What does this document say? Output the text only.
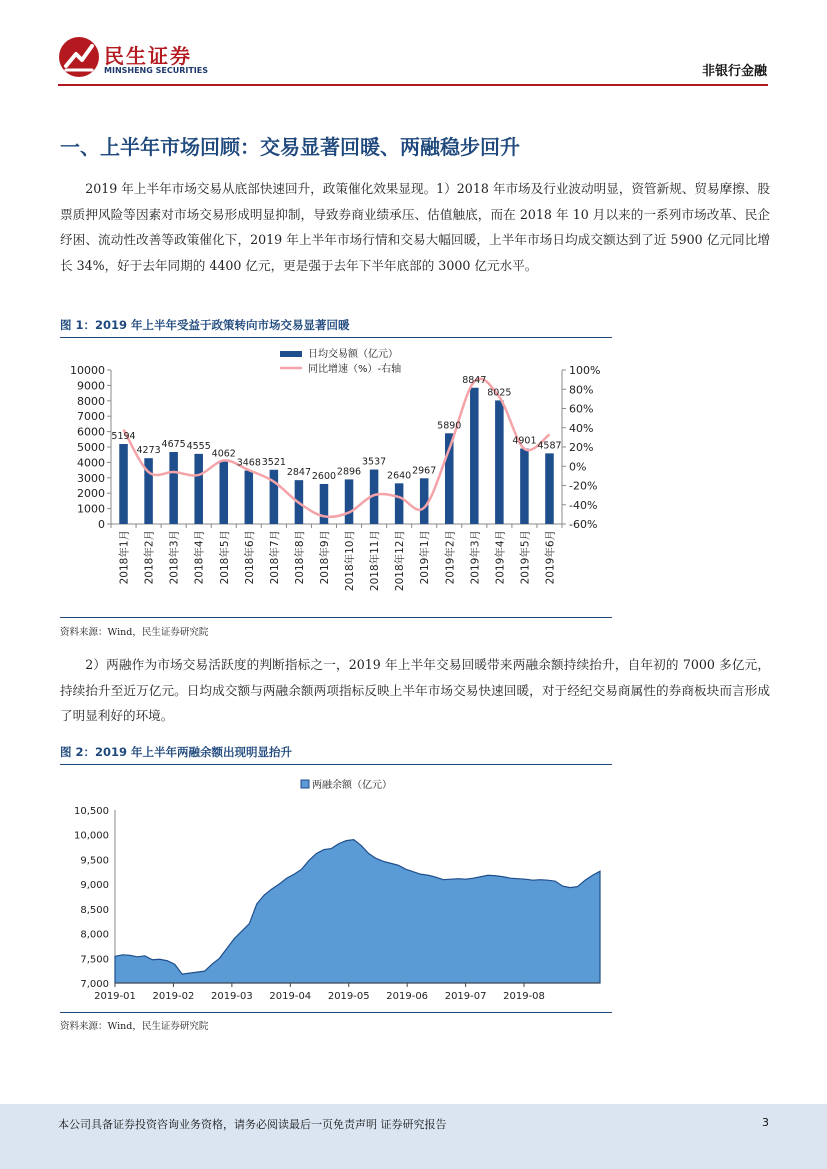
民生证券
MINSHENG SECURITIES	非银行金融
一、上半年市场回顾：交易显著回暖、两融稳步回升

2019 年上半年市场交易从底部快速回升，政策催化效果显现。1）2018 年市场及行业波动明显，资管新规、贸易摩擦、股票质押风险等因素对市场交易形成明显抑制，导致券商业绩承压、估值触底，而在 2018 年 10 月以来的一系列市场改革、民企纾困、流动性改善等政策催化下，2019 年上半年市场行情和交易大幅回暖，上半年市场日均成交额达到了近 5900 亿元同比增长 34%，好于去年同期的 4400 亿元，更是强于去年下半年底部的 3000 亿元水平。

图 1：2019 年上半年受益于政策转向市场交易显著回暖
0
1000
2000
3000
4000
5000
6000
7000
8000
9000
10000
-60%
-40%
-20%
0%
20%
40%
60%
80%
100%
5194
4273
4675 4555
4062
3468 3521
2847 2600 2896
3537
2640 2967
5890
8847
8025
4901 4587
2018年1月 2018年2月 2018年3月 2018年4月 2018年5月 2018年6月 2018年7月 2018年8月 2018年9月 2018年10月 2018年11月 2018年12月 2019年1月 2019年2月 2019年3月 2019年4月 2019年5月 2019年6月
日均交易额（亿元）
同比增速（%）-右轴
资料来源：Wind，民生证券研究院

2）两融作为市场交易活跃度的判断指标之一，2019 年上半年交易回暖带来两融余额持续抬升，自年初的 7000 多亿元，持续抬升至近万亿元。日均成交额与两融余额两项指标反映上半年市场交易快速回暖，对于经纪交易商属性的券商板块而言形成了明显利好的环境。

图 2：2019 年上半年两融余额出现明显抬升
7,000
7,500
8,000
8,500
9,000
9,500
10,000
10,500
2019-01 2019-02 2019-03 2019-04 2019-05 2019-06 2019-07 2019-08
两融余额（亿元）
资料来源：Wind，民生证券研究院
本公司具备证券投资咨询业务资格，请务必阅读最后一页免责声明 证券研究报告	3
